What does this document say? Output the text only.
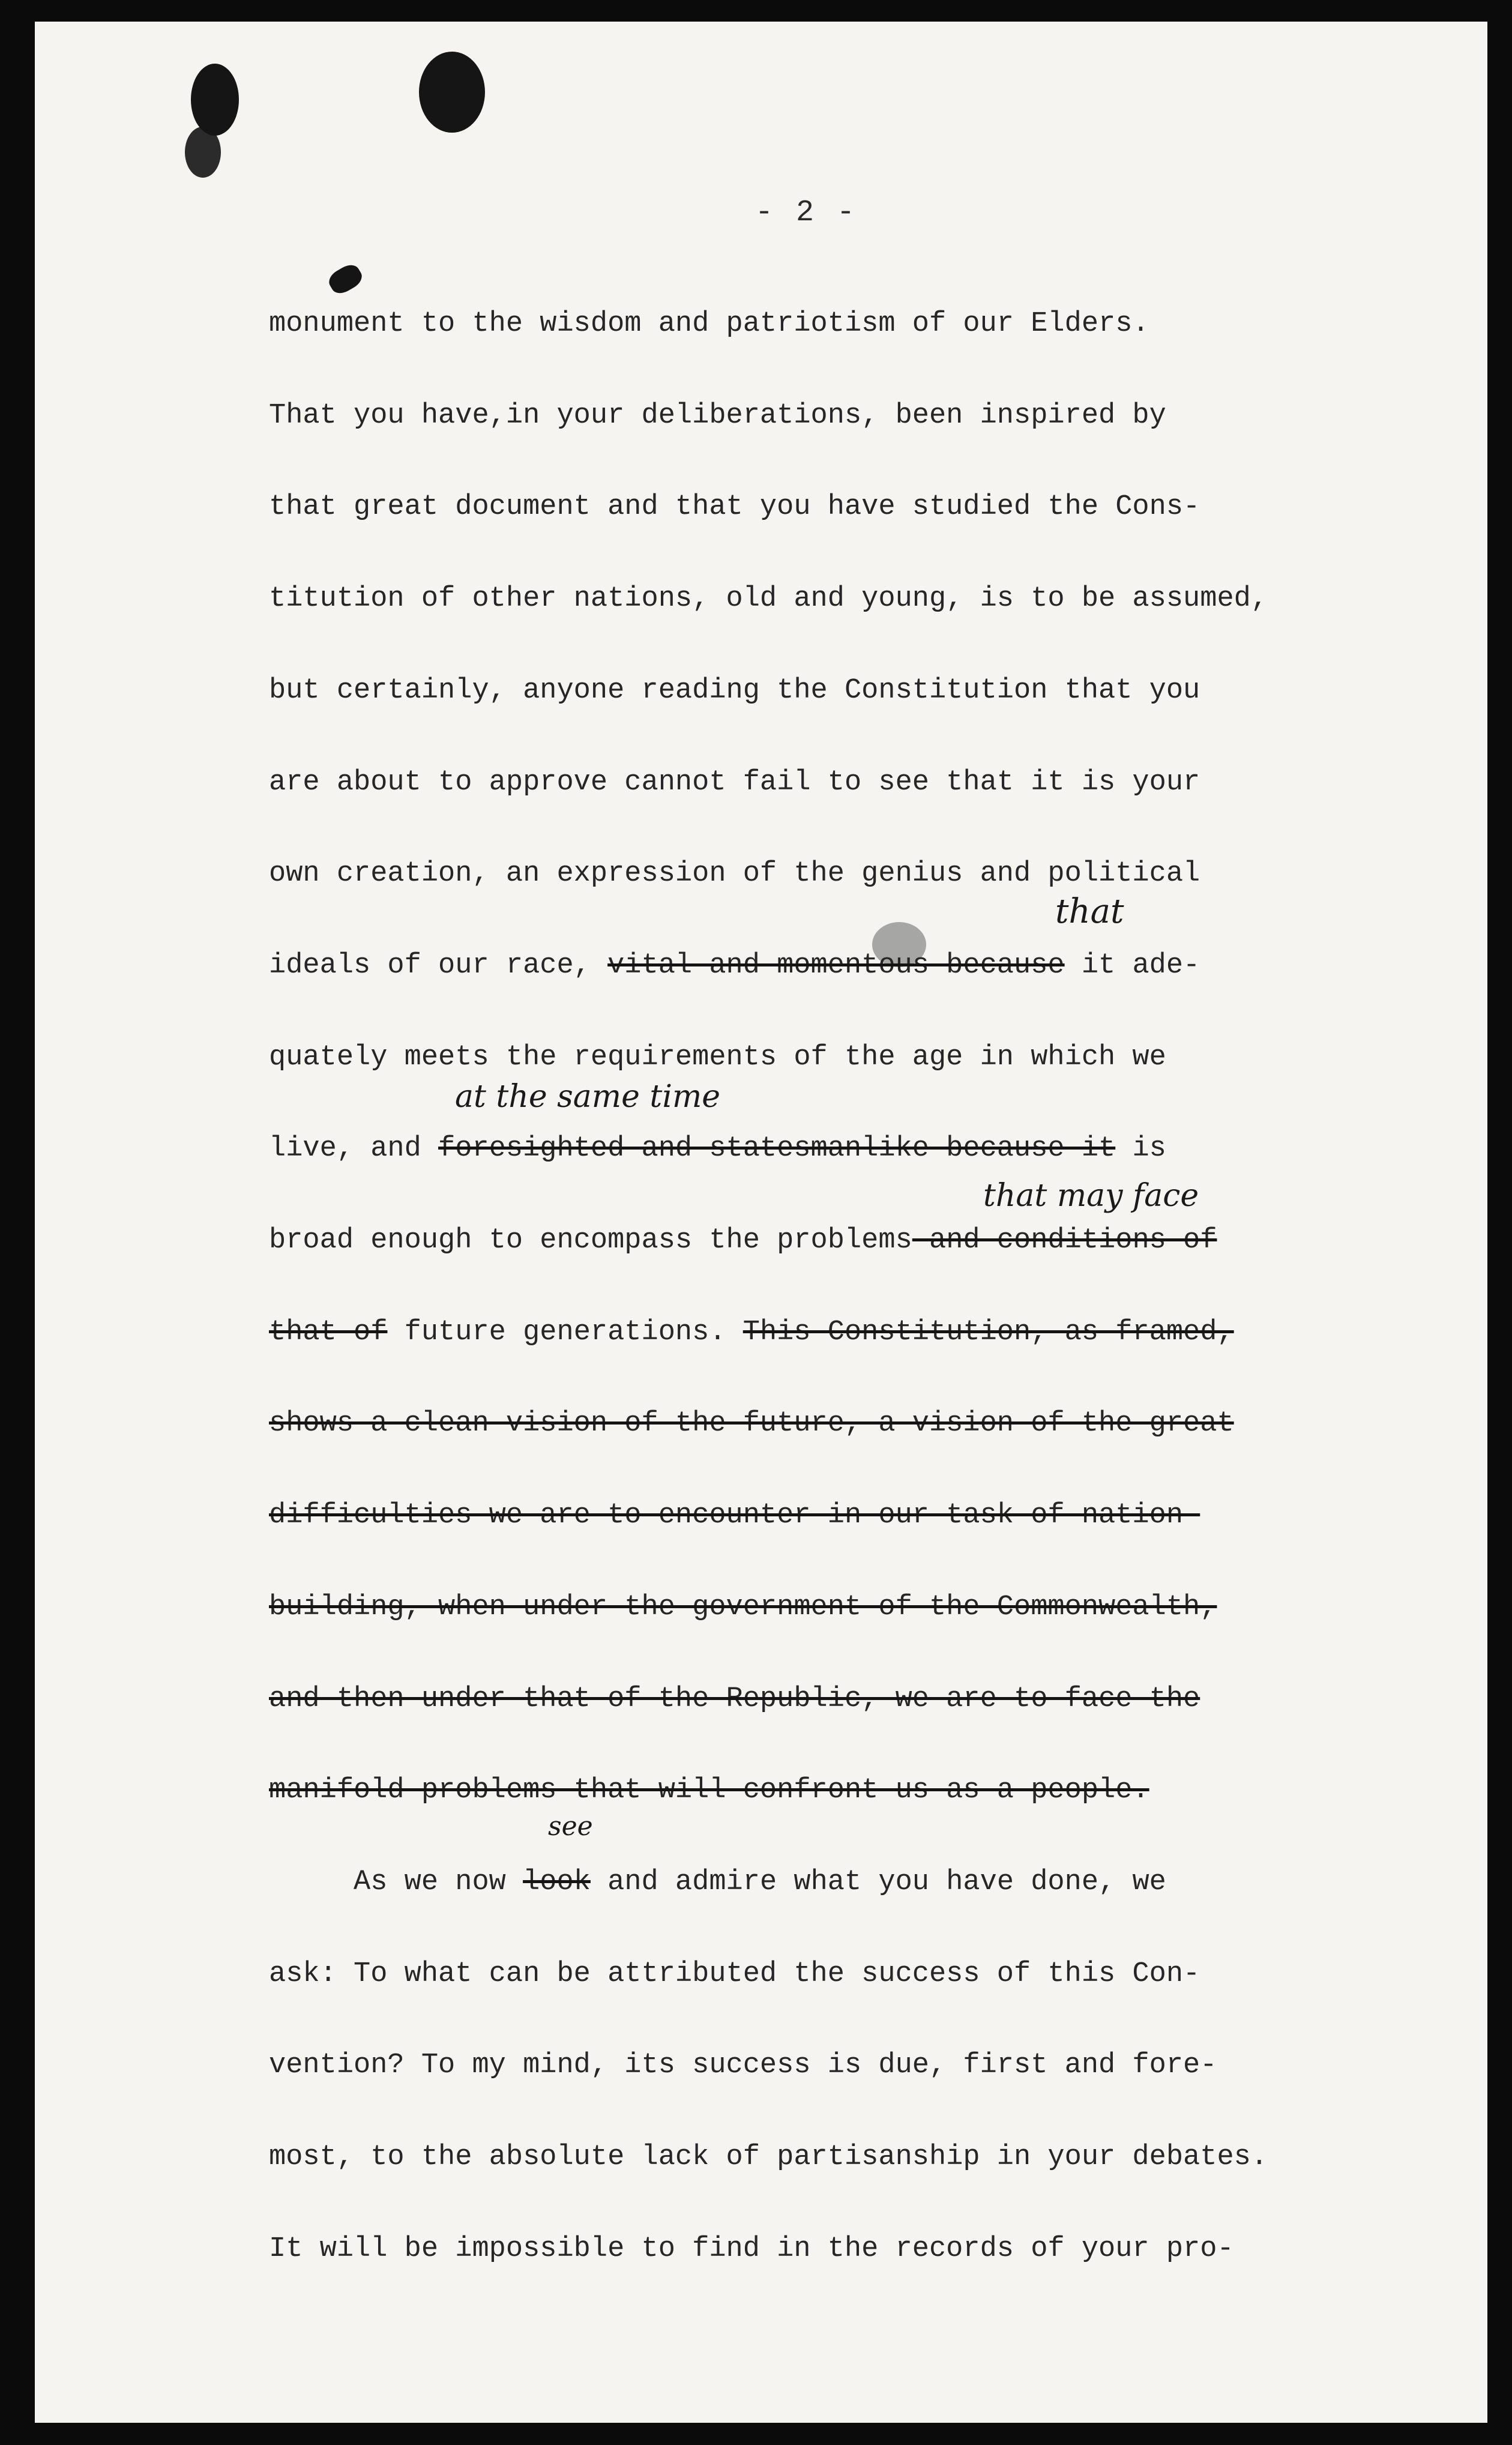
- 2 -
monument to the wisdom and patriotism of our Elders.
That you have,in your deliberations, been inspired by
that great document and that you have studied the Cons-
titution of other nations, old and young, is to be assumed,
but certainly, anyone reading the Constitution that you
are about to approve cannot fail to see that it is your
own creation, an expression of the genius and political
ideals of our race, vital and momentous because it ade-
quately meets the requirements of the age in which we
live, and foresighted and statesmanlike because it is
broad enough to encompass the problems and conditions of
that of future generations. This Constitution, as framed,
shows a clean vision of the future, a vision of the great
difficulties we are to encounter in our task of nation-
building, when under the government of the Commonwealth,
and then under that of the Republic, we are to face the
manifold problems that will confront us as a people.
As we now look and admire what you have done, we
ask: To what can be attributed the success of this Con-
vention? To my mind, its success is due, first and fore-
most, to the absolute lack of partisanship in your debates.
It will be impossible to find in the records of your pro-
that
at the same time
that may face
see
